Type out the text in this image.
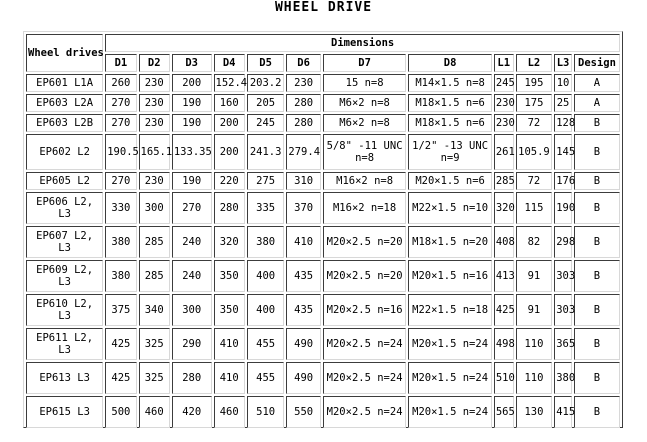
WHEEL DRIVE
Wheel drives	Dimensions											
	D1	D2	D3	D4	D5	D6	D7	D8	L1	L2	L3	Design
EP601 L1A	260	230	200	152.4	203.2	230	15 n=8	M14×1.5 n=8	245	195	10	A
EP603 L2A	270	230	190	160	205	280	M6×2 n=8	M18×1.5 n=6	230	175	25	A
EP603 L2B	270	230	190	200	245	280	M6×2 n=8	M18×1.5 n=6	230	72	128	B
EP602 L2	190.5	165.1	133.35	200	241.3	279.4	5/8" -11 UNC n=8	1/2" -13 UNC n=9	261	105.9	145	B
EP605 L2	270	230	190	220	275	310	M16×2 n=8	M20×1.5 n=6	285	72	176	B
EP606 L2, L3	330	300	270	280	335	370	M16×2 n=18	M22×1.5 n=10	320	115	190	B
EP607 L2, L3	380	285	240	320	380	410	M20×2.5 n=20	M18×1.5 n=20	408	82	298	B
EP609 L2, L3	380	285	240	350	400	435	M20×2.5 n=20	M20×1.5 n=16	413	91	303	B
EP610 L2, L3	375	340	300	350	400	435	M20×2.5 n=16	M22×1.5 n=18	425	91	303	B
EP611 L2, L3	425	325	290	410	455	490	M20×2.5 n=24	M20×1.5 n=24	498	110	365	B
EP613 L3	425	325	280	410	455	490	M20×2.5 n=24	M20×1.5 n=24	510	110	380	B
EP615 L3	500	460	420	460	510	550	M20×2.5 n=24	M20×1.5 n=24	565	130	415	B
